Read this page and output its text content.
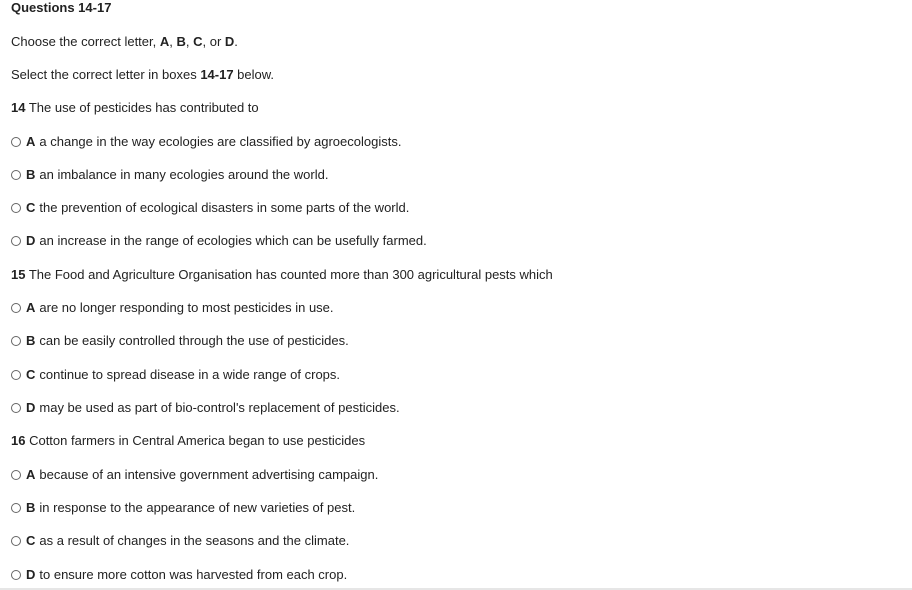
Questions 14-17
Choose the correct letter, A, B, C, or D.
Select the correct letter in boxes 14-17 below.
14 The use of pesticides has contributed to
A a change in the way ecologies are classified by agroecologists.
B an imbalance in many ecologies around the world.
C the prevention of ecological disasters in some parts of the world.
D an increase in the range of ecologies which can be usefully farmed.
15 The Food and Agriculture Organisation has counted more than 300 agricultural pests which
A are no longer responding to most pesticides in use.
B can be easily controlled through the use of pesticides.
C continue to spread disease in a wide range of crops.
D may be used as part of bio-control's replacement of pesticides.
16 Cotton farmers in Central America began to use pesticides
A because of an intensive government advertising campaign.
B in response to the appearance of new varieties of pest.
C as a result of changes in the seasons and the climate.
D to ensure more cotton was harvested from each crop.
